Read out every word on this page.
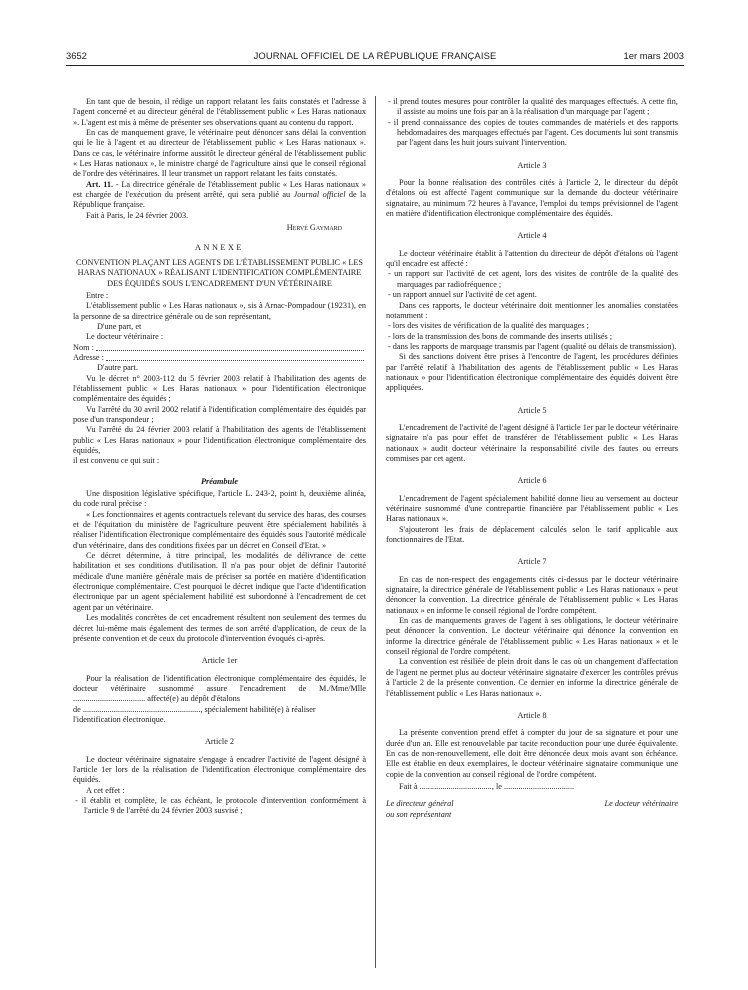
3652	JOURNAL OFFICIEL DE LA RÉPUBLIQUE FRANÇAISE	1er mars 2003

En tant que de besoin, il rédige un rapport relatant les faits constatés et l'adresse à l'agent concerné et au directeur général de l'établissement public « Les Haras nationaux ». L'agent est mis à même de présenter ses observations quant au contenu du rapport.

En cas de manquement grave, le vétérinaire peut dénoncer sans délai la convention qui le lie à l'agent et au directeur de l'établissement public « Les Haras nationaux ». Dans ce cas, le vétérinaire informe aussitôt le directeur général de l'établissement public « Les Haras nationaux », le ministre chargé de l'agriculture ainsi que le conseil régional de l'ordre des vétérinaires. Il leur transmet un rapport relatant les faits constatés.

Art. 11. - La directrice générale de l'établissement public « Les Haras nationaux » est chargée de l'exécution du présent arrêté, qui sera publié au Journal officiel de la République française.

Fait à Paris, le 24 février 2003.

Hervé Gaymard

ANNEXE

CONVENTION PLAÇANT LES AGENTS DE L'ÉTABLISSEMENT PUBLIC « LES HARAS NATIONAUX » RÉALISANT L'IDENTIFICATION COMPLÉMENTAIRE DES ÉQUIDÉS SOUS L'ENCADREMENT D'UN VÉTÉRINAIRE

Entre :

L'établissement public « Les Haras nationaux », sis à Arnac-Pompadour (19231), en la personne de sa directrice générale ou de son représentant,

D'une part, et

Le docteur vétérinaire :

Nom :

Adresse :

D'autre part.

Vu le décret n° 2003-112 du 5 février 2003 relatif à l'habilitation des agents de l'établissement public « Les Haras nationaux » pour l'identification électronique complémentaire des équidés ;

Vu l'arrêté du 30 avril 2002 relatif à l'identification complémentaire des équidés par pose d'un transpondeur ;

Vu l'arrêté du 24 février 2003 relatif à l'habilitation des agents de l'établissement public « Les Haras nationaux » pour l'identification électronique complémentaire des équidés,

il est convenu ce qui suit :

Préambule

Une disposition législative spécifique, l'article L. 243-2, point h, deuxième alinéa, du code rural précise :

« Les fonctionnaires et agents contractuels relevant du service des haras, des courses et de l'équitation du ministère de l'agriculture peuvent être spécialement habilités à réaliser l'identification électronique complémentaire des équidés sous l'autorité médicale d'un vétérinaire, dans des conditions fixées par un décret en Conseil d'Etat. »

Ce décret détermine, à titre principal, les modalités de délivrance de cette habilitation et ses conditions d'utilisation. Il n'a pas pour objet de définir l'autorité médicale d'une manière générale mais de préciser sa portée en matière d'identification électronique complémentaire. C'est pourquoi le décret indique que l'acte d'identification électronique par un agent spécialement habilité est subordonné à l'encadrement de cet agent par un vétérinaire.

Les modalités concrètes de cet encadrement résultent non seulement des termes du décret lui-même mais également des termes de son arrêté d'application, de ceux de la présente convention et de ceux du protocole d'intervention évoqués ci-après.

Article 1er

Pour la réalisation de l'identification électronique complémentaire des équidés, le docteur vétérinaire susnommé assure l'encadrement de M./Mme/Mlle ................................... affecté(e) au dépôt d'étalons

de ........................................................., spécialement habilité(e) à réaliser

l'identification électronique.

Article 2

Le docteur vétérinaire signataire s'engage à encadrer l'activité de l'agent désigné à l'article 1er lors de la réalisation de l'identification électronique complémentaire des équidés.

A cet effet :

- il établit et complète, le cas échéant, le protocole d'intervention conformément à l'article 9 de l'arrêté du 24 février 2003 susvisé ;

- il prend toutes mesures pour contrôler la qualité des marquages effectués. A cette fin, il assiste au moins une fois par an à la réalisation d'un marquage par l'agent ;

- il prend connaissance des copies de toutes commandes de matériels et des rapports hebdomadaires des marquages effectués par l'agent. Ces documents lui sont transmis par l'agent dans les huit jours suivant l'intervention.

Article 3

Pour la bonne réalisation des contrôles cités à l'article 2, le directeur du dépôt d'étalons où est affecté l'agent communique sur la demande du docteur vétérinaire signataire, au minimum 72 heures à l'avance, l'emploi du temps prévisionnel de l'agent en matière d'identification électronique complémentaire des équidés.

Article 4

Le docteur vétérinaire établit à l'attention du directeur de dépôt d'étalons où l'agent qu'il encadre est affecté :

- un rapport sur l'activité de cet agent, lors des visites de contrôle de la qualité des marquages par radiofréquence ;

- un rapport annuel sur l'activité de cet agent.

Dans ces rapports, le docteur vétérinaire doit mentionner les anomalies constatées notamment :

- lors des visites de vérification de la qualité des marquages ;

- lors de la transmission des bons de commande des inserts utilisés ;

- dans les rapports de marquage transmis par l'agent (qualité ou délais de transmission).

Si des sanctions doivent être prises à l'encontre de l'agent, les procédures définies par l'arrêté relatif à l'habilitation des agents de l'établissement public « Les Haras nationaux » pour l'identification électronique complémentaire des équidés doivent être appliquées.

Article 5

L'encadrement de l'activité de l'agent désigné à l'article 1er par le docteur vétérinaire signataire n'a pas pour effet de transférer de l'établissement public « Les Haras nationaux » audit docteur vétérinaire la responsabilité civile des fautes ou erreurs commises par cet agent.

Article 6

L'encadrement de l'agent spécialement habilité donne lieu au versement au docteur vétérinaire susnommé d'une contrepartie financière par l'établissement public « Les Haras nationaux ».

S'ajouteront les frais de déplacement calculés selon le tarif applicable aux fonctionnaires de l'Etat.

Article 7

En cas de non-respect des engagements cités ci-dessus par le docteur vétérinaire signataire, la directrice générale de l'établissement public « Les Haras nationaux » peut dénoncer la convention. La directrice générale de l'établissement public « Les Haras nationaux » en informe le conseil régional de l'ordre compétent.

En cas de manquements graves de l'agent à ses obligations, le docteur vétérinaire peut dénoncer la convention. Le docteur vétérinaire qui dénonce la convention en informe la directrice générale de l'établissement public « Les Haras nationaux » et le conseil régional de l'ordre compétent.

La convention est résiliée de plein droit dans le cas où un changement d'affectation de l'agent ne permet plus au docteur vétérinaire signataire d'exercer les contrôles prévus à l'article 2 de la présente convention. Ce dernier en informe la directrice générale de l'établissement public « Les Haras nationaux ».

Article 8

La présente convention prend effet à compter du jour de sa signature et pour une durée d'un an. Elle est renouvelable par tacite reconduction pour une durée équivalente. En cas de non-renouvellement, elle doit être dénoncée deux mois avant son échéance. Elle est établie en deux exemplaires, le docteur vétérinaire signataire communique une copie de la convention au conseil régional de l'ordre compétent.

Fait à ..................................., le ..................................

Le directeur général
ou son représentant
Le docteur vétérinaire
